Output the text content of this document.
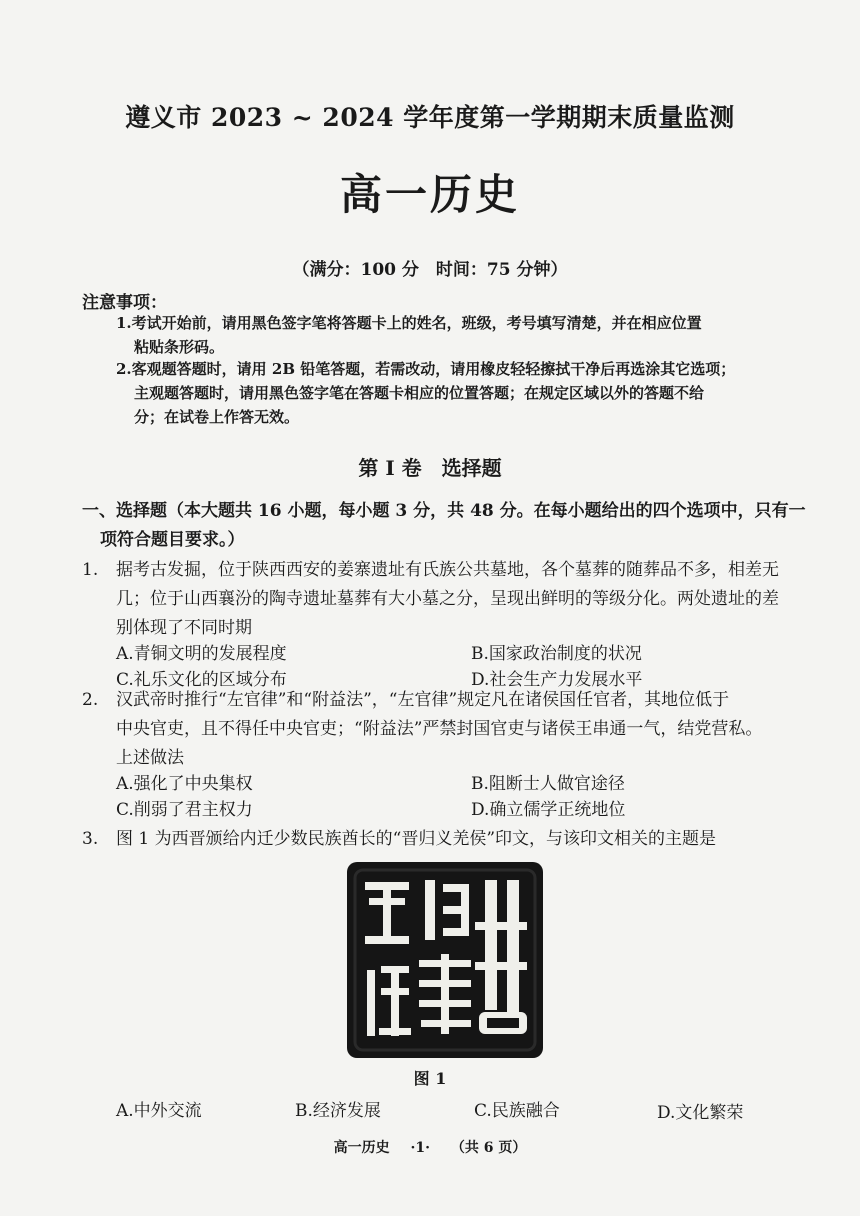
遵义市 2023 ~ 2024 学年度第一学期期末质量监测
高一历史
（满分：100 分　时间：75 分钟）
注意事项：
1.考试开始前，请用黑色签字笔将答题卡上的姓名，班级，考号填写清楚，并在相应位置
粘贴条形码。
2.客观题答题时，请用 2B 铅笔答题，若需改动，请用橡皮轻轻擦拭干净后再选涂其它选项；
主观题答题时，请用黑色签字笔在答题卡相应的位置答题；在规定区域以外的答题不给
分；在试卷上作答无效。
第 I 卷　选择题
一、选择题（本大题共 16 小题，每小题 3 分，共 48 分。在每小题给出的四个选项中，只有一
项符合题目要求。）
1. 据考古发掘，位于陕西西安的姜寨遗址有氏族公共墓地，各个墓葬的随葬品不多，相差无
几；位于山西襄汾的陶寺遗址墓葬有大小墓之分，呈现出鲜明的等级分化。两处遗址的差
别体现了不同时期
A.青铜文明的发展程度	B.国家政治制度的状况
C.礼乐文化的区域分布	D.社会生产力发展水平
2. 汉武帝时推行“左官律”和“附益法”，“左官律”规定凡在诸侯国任官者，其地位低于
中央官吏，且不得任中央官吏；“附益法”严禁封国官吏与诸侯王串通一气，结党营私。
上述做法
A.强化了中央集权	B.阻断士人做官途径
C.削弱了君主权力	D.确立儒学正统地位
3. 图 1 为西晋颁给内迁少数民族酋长的“晋归义羌侯”印文，与该印文相关的主题是
图 1
A.中外交流	B.经济发展	C.民族融合	D.文化繁荣
高一历史 ·1· （共 6 页）
